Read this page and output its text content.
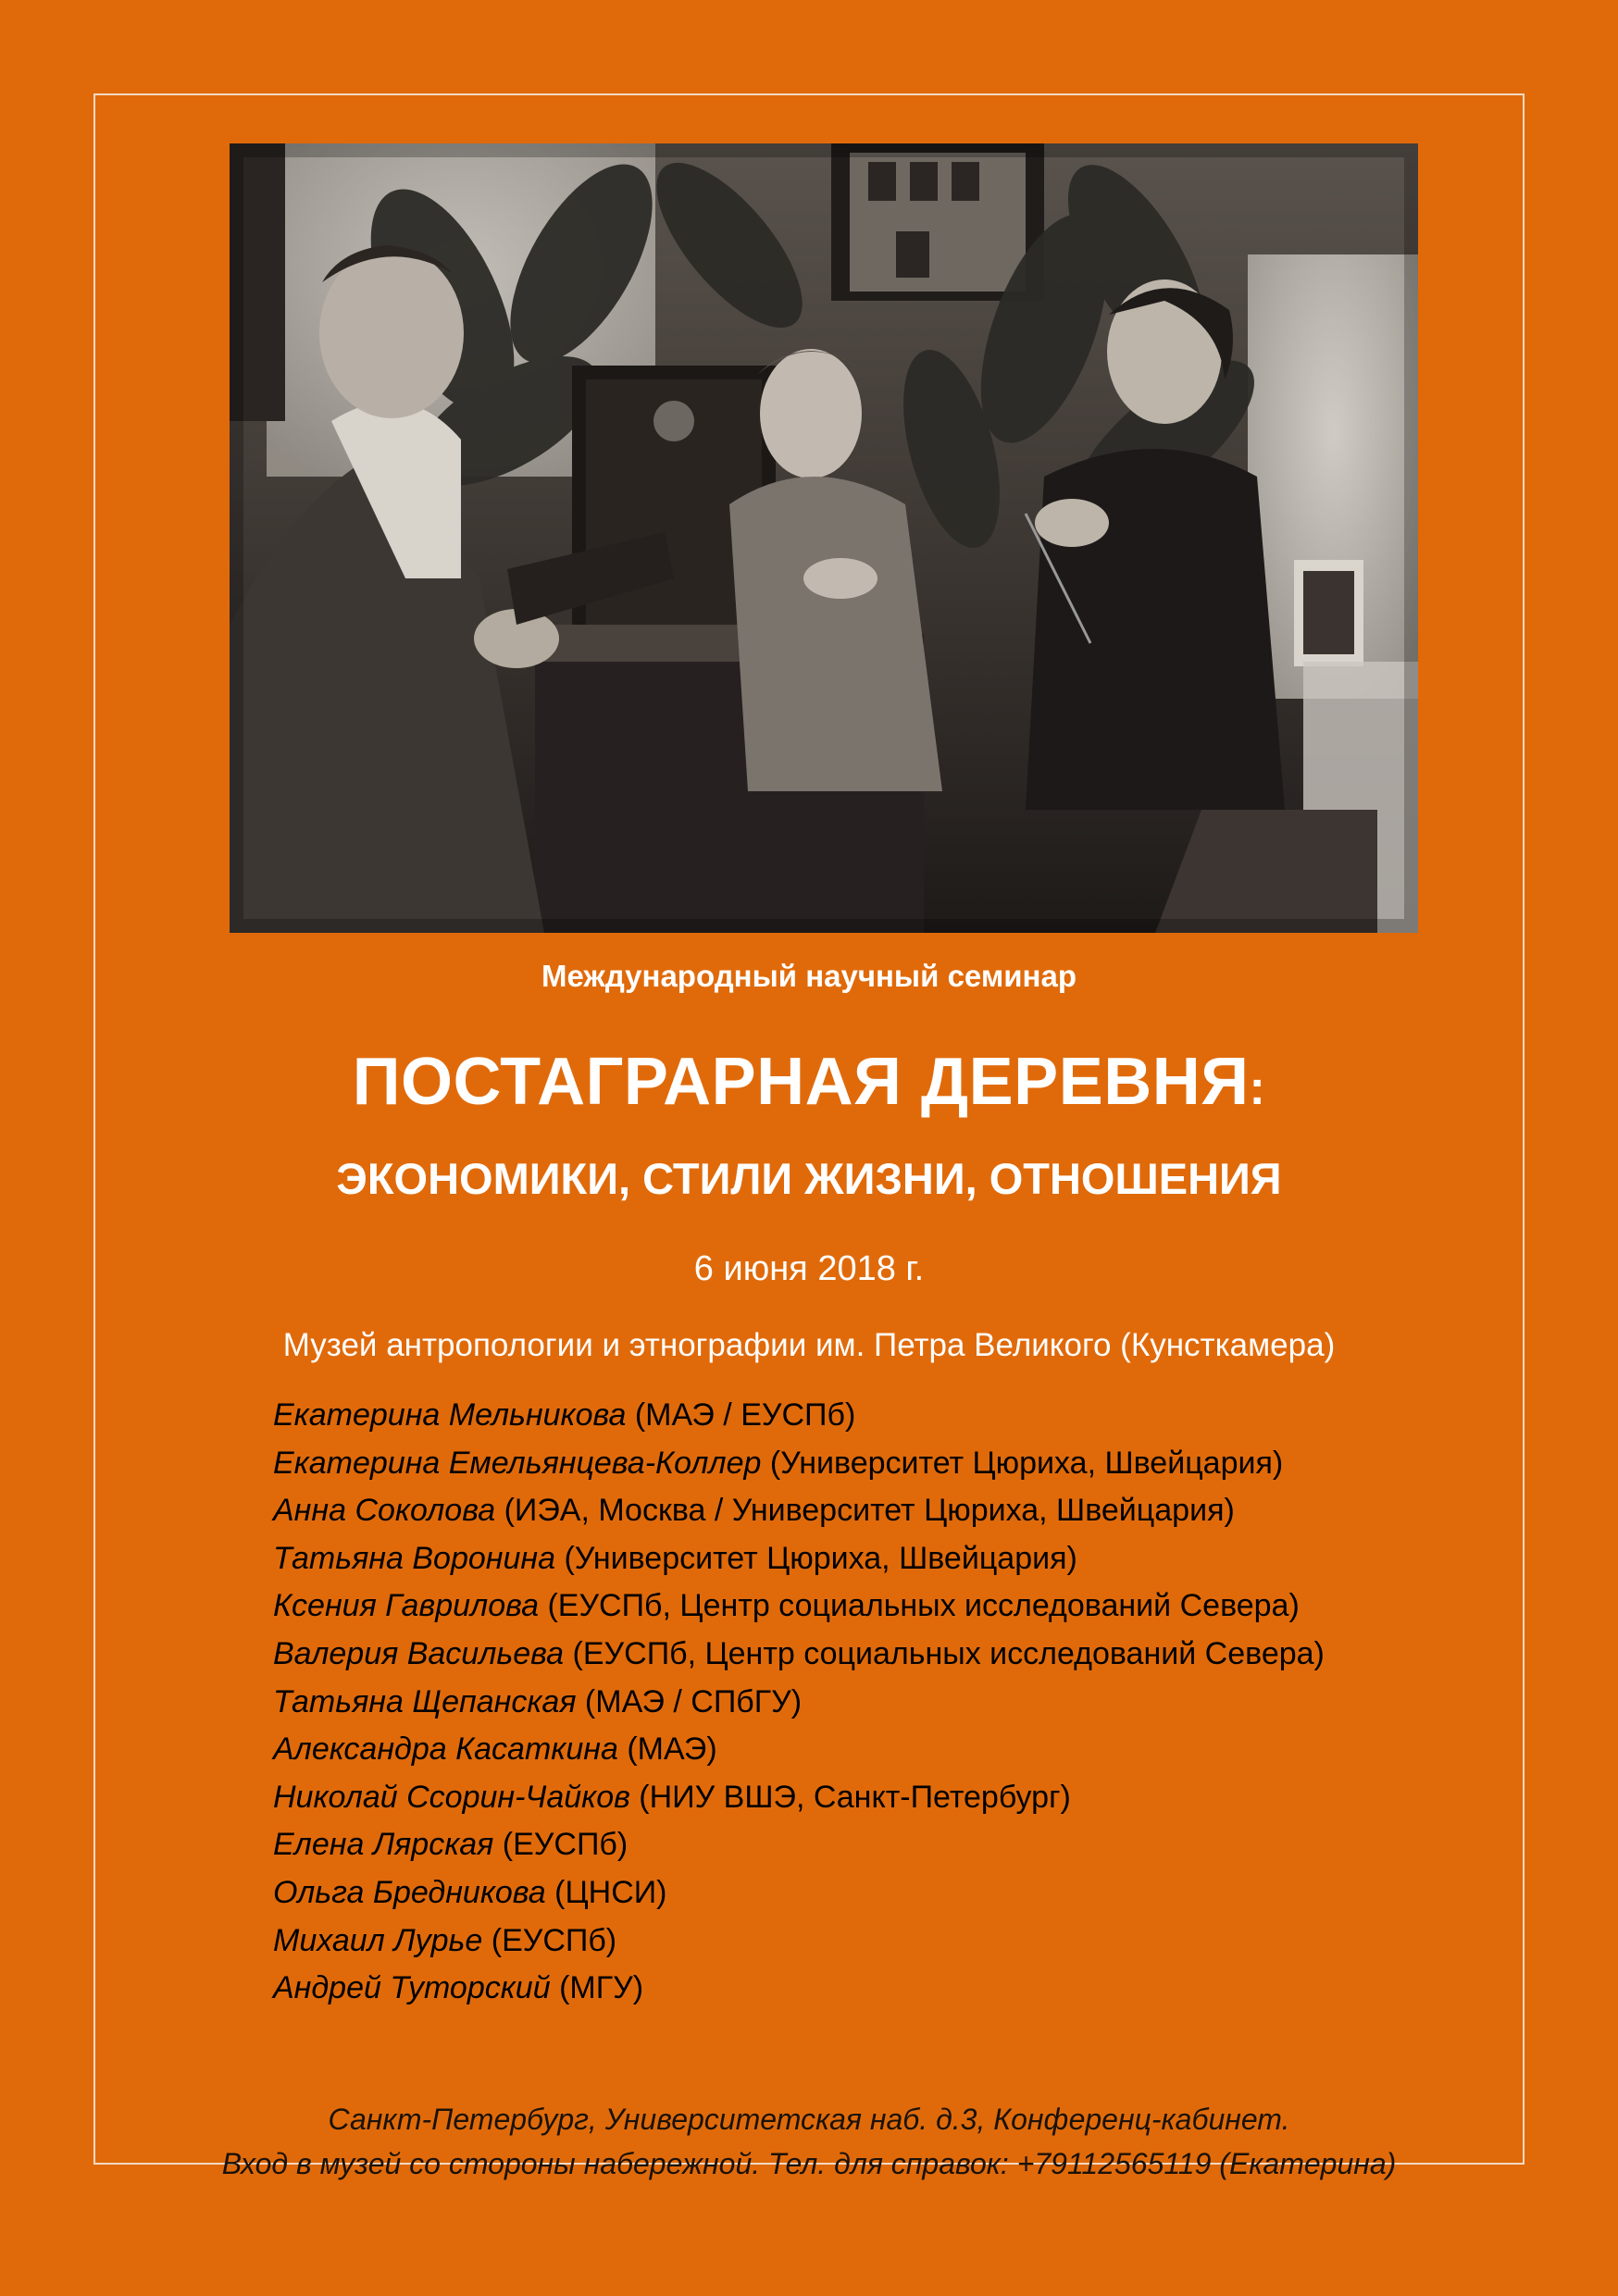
Международный научный семинар
ПОСТАГРАРНАЯ ДЕРЕВНЯ:
ЭКОНОМИКИ, СТИЛИ ЖИЗНИ, ОТНОШЕНИЯ
6 июня 2018 г.
Музей антропологии и этнографии им. Петра Великого (Кунсткамера)
Екатерина Мельникова (МАЭ / ЕУСПб)
Екатерина Емельянцева-Коллер (Университет Цюриха, Швейцария)
Анна Соколова (ИЭА, Москва / Университет Цюриха, Швейцария)
Татьяна Воронина (Университет Цюриха, Швейцария)
Ксения Гаврилова (ЕУСПб, Центр социальных исследований Севера)
Валерия Васильева (ЕУСПб, Центр социальных исследований Севера)
Татьяна Щепанская (МАЭ / СПбГУ)
Александра Касаткина (МАЭ)
Николай Ссорин-Чайков (НИУ ВШЭ, Санкт-Петербург)
Елена Лярская (ЕУСПб)
Ольга Бредникова (ЦНСИ)
Михаил Лурье (ЕУСПб)
Андрей Туторский (МГУ)
Санкт-Петербург, Университетская наб. д.3, Конференц-кабинет.
Вход в музей со стороны набережной. Тел. для справок: +79112565119 (Екатерина)
